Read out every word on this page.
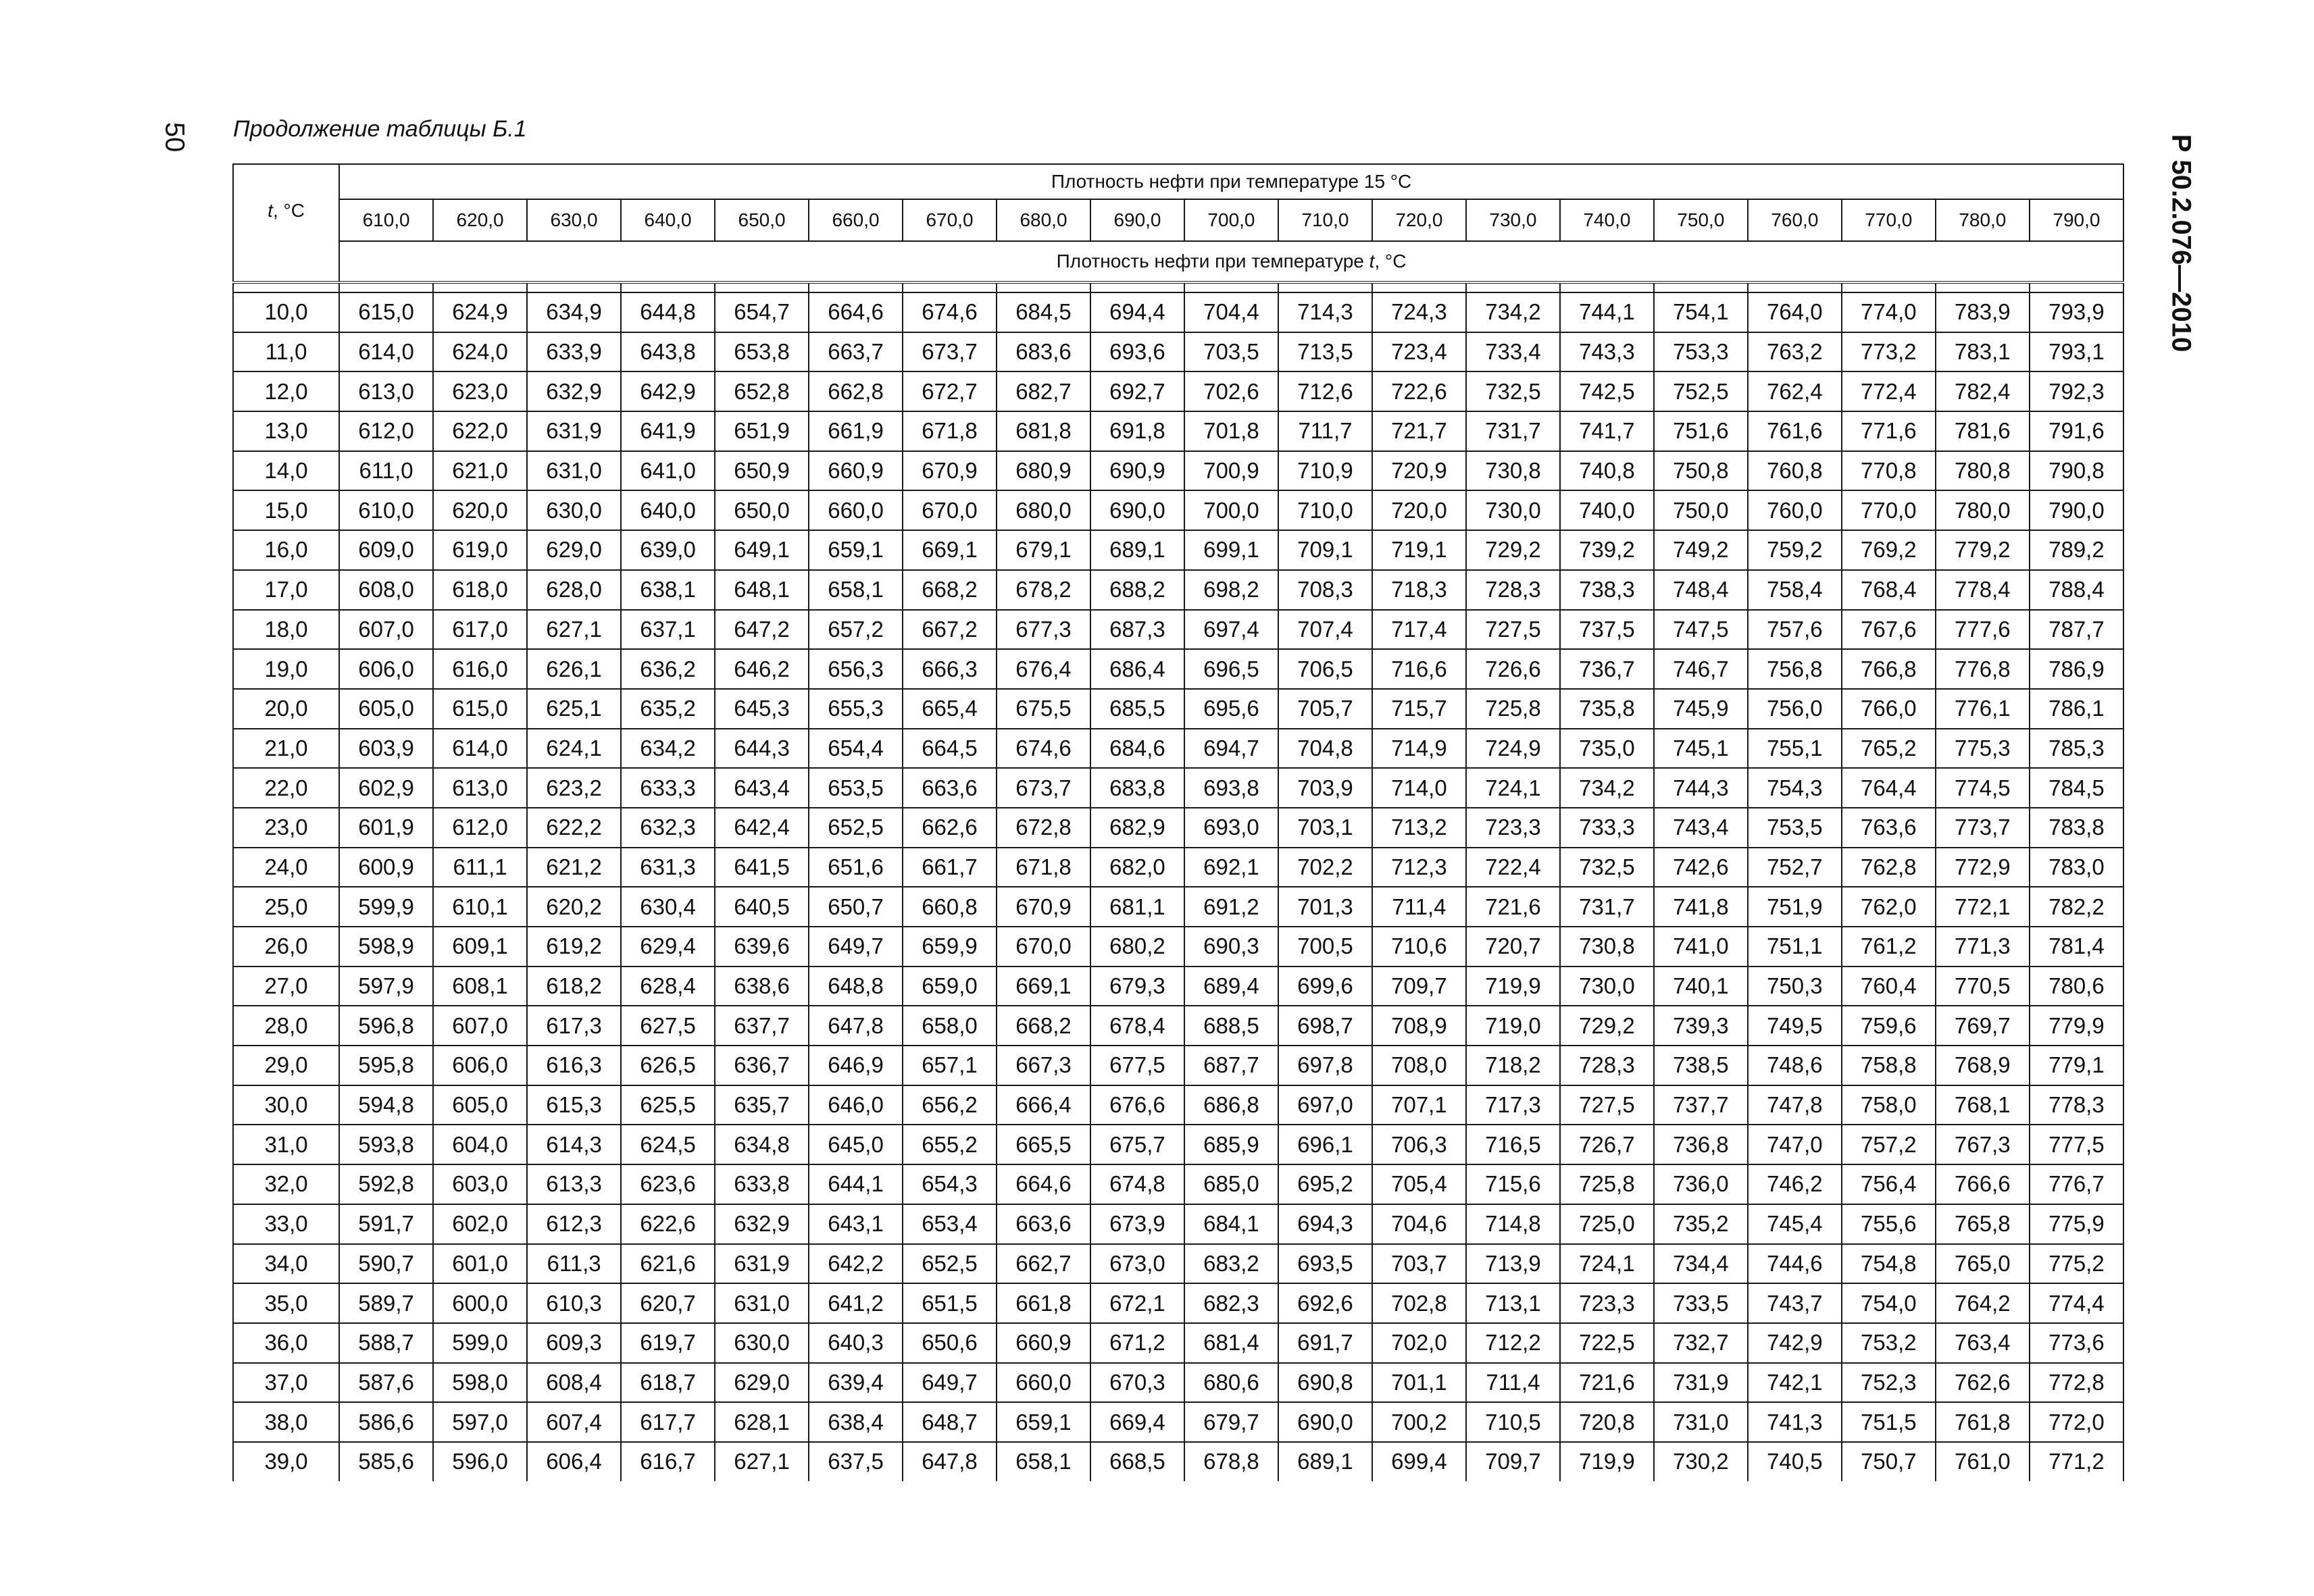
50	Р 50.2.076—2010
Продолжение таблицы Б.1
t, °C	Плотность нефти при температуре 15 °С																		
	610,0	620,0	630,0	640,0	650,0	660,0	670,0	680,0	690,0	700,0	710,0	720,0	730,0	740,0	750,0	760,0	770,0	780,0	790,0
	Плотность нефти при температуре t, °С																		

10,0	615,0	624,9	634,9	644,8	654,7	664,6	674,6	684,5	694,4	704,4	714,3	724,3	734,2	744,1	754,1	764,0	774,0	783,9	793,9
11,0	614,0	624,0	633,9	643,8	653,8	663,7	673,7	683,6	693,6	703,5	713,5	723,4	733,4	743,3	753,3	763,2	773,2	783,1	793,1
12,0	613,0	623,0	632,9	642,9	652,8	662,8	672,7	682,7	692,7	702,6	712,6	722,6	732,5	742,5	752,5	762,4	772,4	782,4	792,3
13,0	612,0	622,0	631,9	641,9	651,9	661,9	671,8	681,8	691,8	701,8	711,7	721,7	731,7	741,7	751,6	761,6	771,6	781,6	791,6
14,0	611,0	621,0	631,0	641,0	650,9	660,9	670,9	680,9	690,9	700,9	710,9	720,9	730,8	740,8	750,8	760,8	770,8	780,8	790,8
15,0	610,0	620,0	630,0	640,0	650,0	660,0	670,0	680,0	690,0	700,0	710,0	720,0	730,0	740,0	750,0	760,0	770,0	780,0	790,0
16,0	609,0	619,0	629,0	639,0	649,1	659,1	669,1	679,1	689,1	699,1	709,1	719,1	729,2	739,2	749,2	759,2	769,2	779,2	789,2
17,0	608,0	618,0	628,0	638,1	648,1	658,1	668,2	678,2	688,2	698,2	708,3	718,3	728,3	738,3	748,4	758,4	768,4	778,4	788,4
18,0	607,0	617,0	627,1	637,1	647,2	657,2	667,2	677,3	687,3	697,4	707,4	717,4	727,5	737,5	747,5	757,6	767,6	777,6	787,7
19,0	606,0	616,0	626,1	636,2	646,2	656,3	666,3	676,4	686,4	696,5	706,5	716,6	726,6	736,7	746,7	756,8	766,8	776,8	786,9
20,0	605,0	615,0	625,1	635,2	645,3	655,3	665,4	675,5	685,5	695,6	705,7	715,7	725,8	735,8	745,9	756,0	766,0	776,1	786,1
21,0	603,9	614,0	624,1	634,2	644,3	654,4	664,5	674,6	684,6	694,7	704,8	714,9	724,9	735,0	745,1	755,1	765,2	775,3	785,3
22,0	602,9	613,0	623,2	633,3	643,4	653,5	663,6	673,7	683,8	693,8	703,9	714,0	724,1	734,2	744,3	754,3	764,4	774,5	784,5
23,0	601,9	612,0	622,2	632,3	642,4	652,5	662,6	672,8	682,9	693,0	703,1	713,2	723,3	733,3	743,4	753,5	763,6	773,7	783,8
24,0	600,9	611,1	621,2	631,3	641,5	651,6	661,7	671,8	682,0	692,1	702,2	712,3	722,4	732,5	742,6	752,7	762,8	772,9	783,0
25,0	599,9	610,1	620,2	630,4	640,5	650,7	660,8	670,9	681,1	691,2	701,3	711,4	721,6	731,7	741,8	751,9	762,0	772,1	782,2
26,0	598,9	609,1	619,2	629,4	639,6	649,7	659,9	670,0	680,2	690,3	700,5	710,6	720,7	730,8	741,0	751,1	761,2	771,3	781,4
27,0	597,9	608,1	618,2	628,4	638,6	648,8	659,0	669,1	679,3	689,4	699,6	709,7	719,9	730,0	740,1	750,3	760,4	770,5	780,6
28,0	596,8	607,0	617,3	627,5	637,7	647,8	658,0	668,2	678,4	688,5	698,7	708,9	719,0	729,2	739,3	749,5	759,6	769,7	779,9
29,0	595,8	606,0	616,3	626,5	636,7	646,9	657,1	667,3	677,5	687,7	697,8	708,0	718,2	728,3	738,5	748,6	758,8	768,9	779,1
30,0	594,8	605,0	615,3	625,5	635,7	646,0	656,2	666,4	676,6	686,8	697,0	707,1	717,3	727,5	737,7	747,8	758,0	768,1	778,3
31,0	593,8	604,0	614,3	624,5	634,8	645,0	655,2	665,5	675,7	685,9	696,1	706,3	716,5	726,7	736,8	747,0	757,2	767,3	777,5
32,0	592,8	603,0	613,3	623,6	633,8	644,1	654,3	664,6	674,8	685,0	695,2	705,4	715,6	725,8	736,0	746,2	756,4	766,6	776,7
33,0	591,7	602,0	612,3	622,6	632,9	643,1	653,4	663,6	673,9	684,1	694,3	704,6	714,8	725,0	735,2	745,4	755,6	765,8	775,9
34,0	590,7	601,0	611,3	621,6	631,9	642,2	652,5	662,7	673,0	683,2	693,5	703,7	713,9	724,1	734,4	744,6	754,8	765,0	775,2
35,0	589,7	600,0	610,3	620,7	631,0	641,2	651,5	661,8	672,1	682,3	692,6	702,8	713,1	723,3	733,5	743,7	754,0	764,2	774,4
36,0	588,7	599,0	609,3	619,7	630,0	640,3	650,6	660,9	671,2	681,4	691,7	702,0	712,2	722,5	732,7	742,9	753,2	763,4	773,6
37,0	587,6	598,0	608,4	618,7	629,0	639,4	649,7	660,0	670,3	680,6	690,8	701,1	711,4	721,6	731,9	742,1	752,3	762,6	772,8
38,0	586,6	597,0	607,4	617,7	628,1	638,4	648,7	659,1	669,4	679,7	690,0	700,2	710,5	720,8	731,0	741,3	751,5	761,8	772,0
39,0	585,6	596,0	606,4	616,7	627,1	637,5	647,8	658,1	668,5	678,8	689,1	699,4	709,7	719,9	730,2	740,5	750,7	761,0	771,2
